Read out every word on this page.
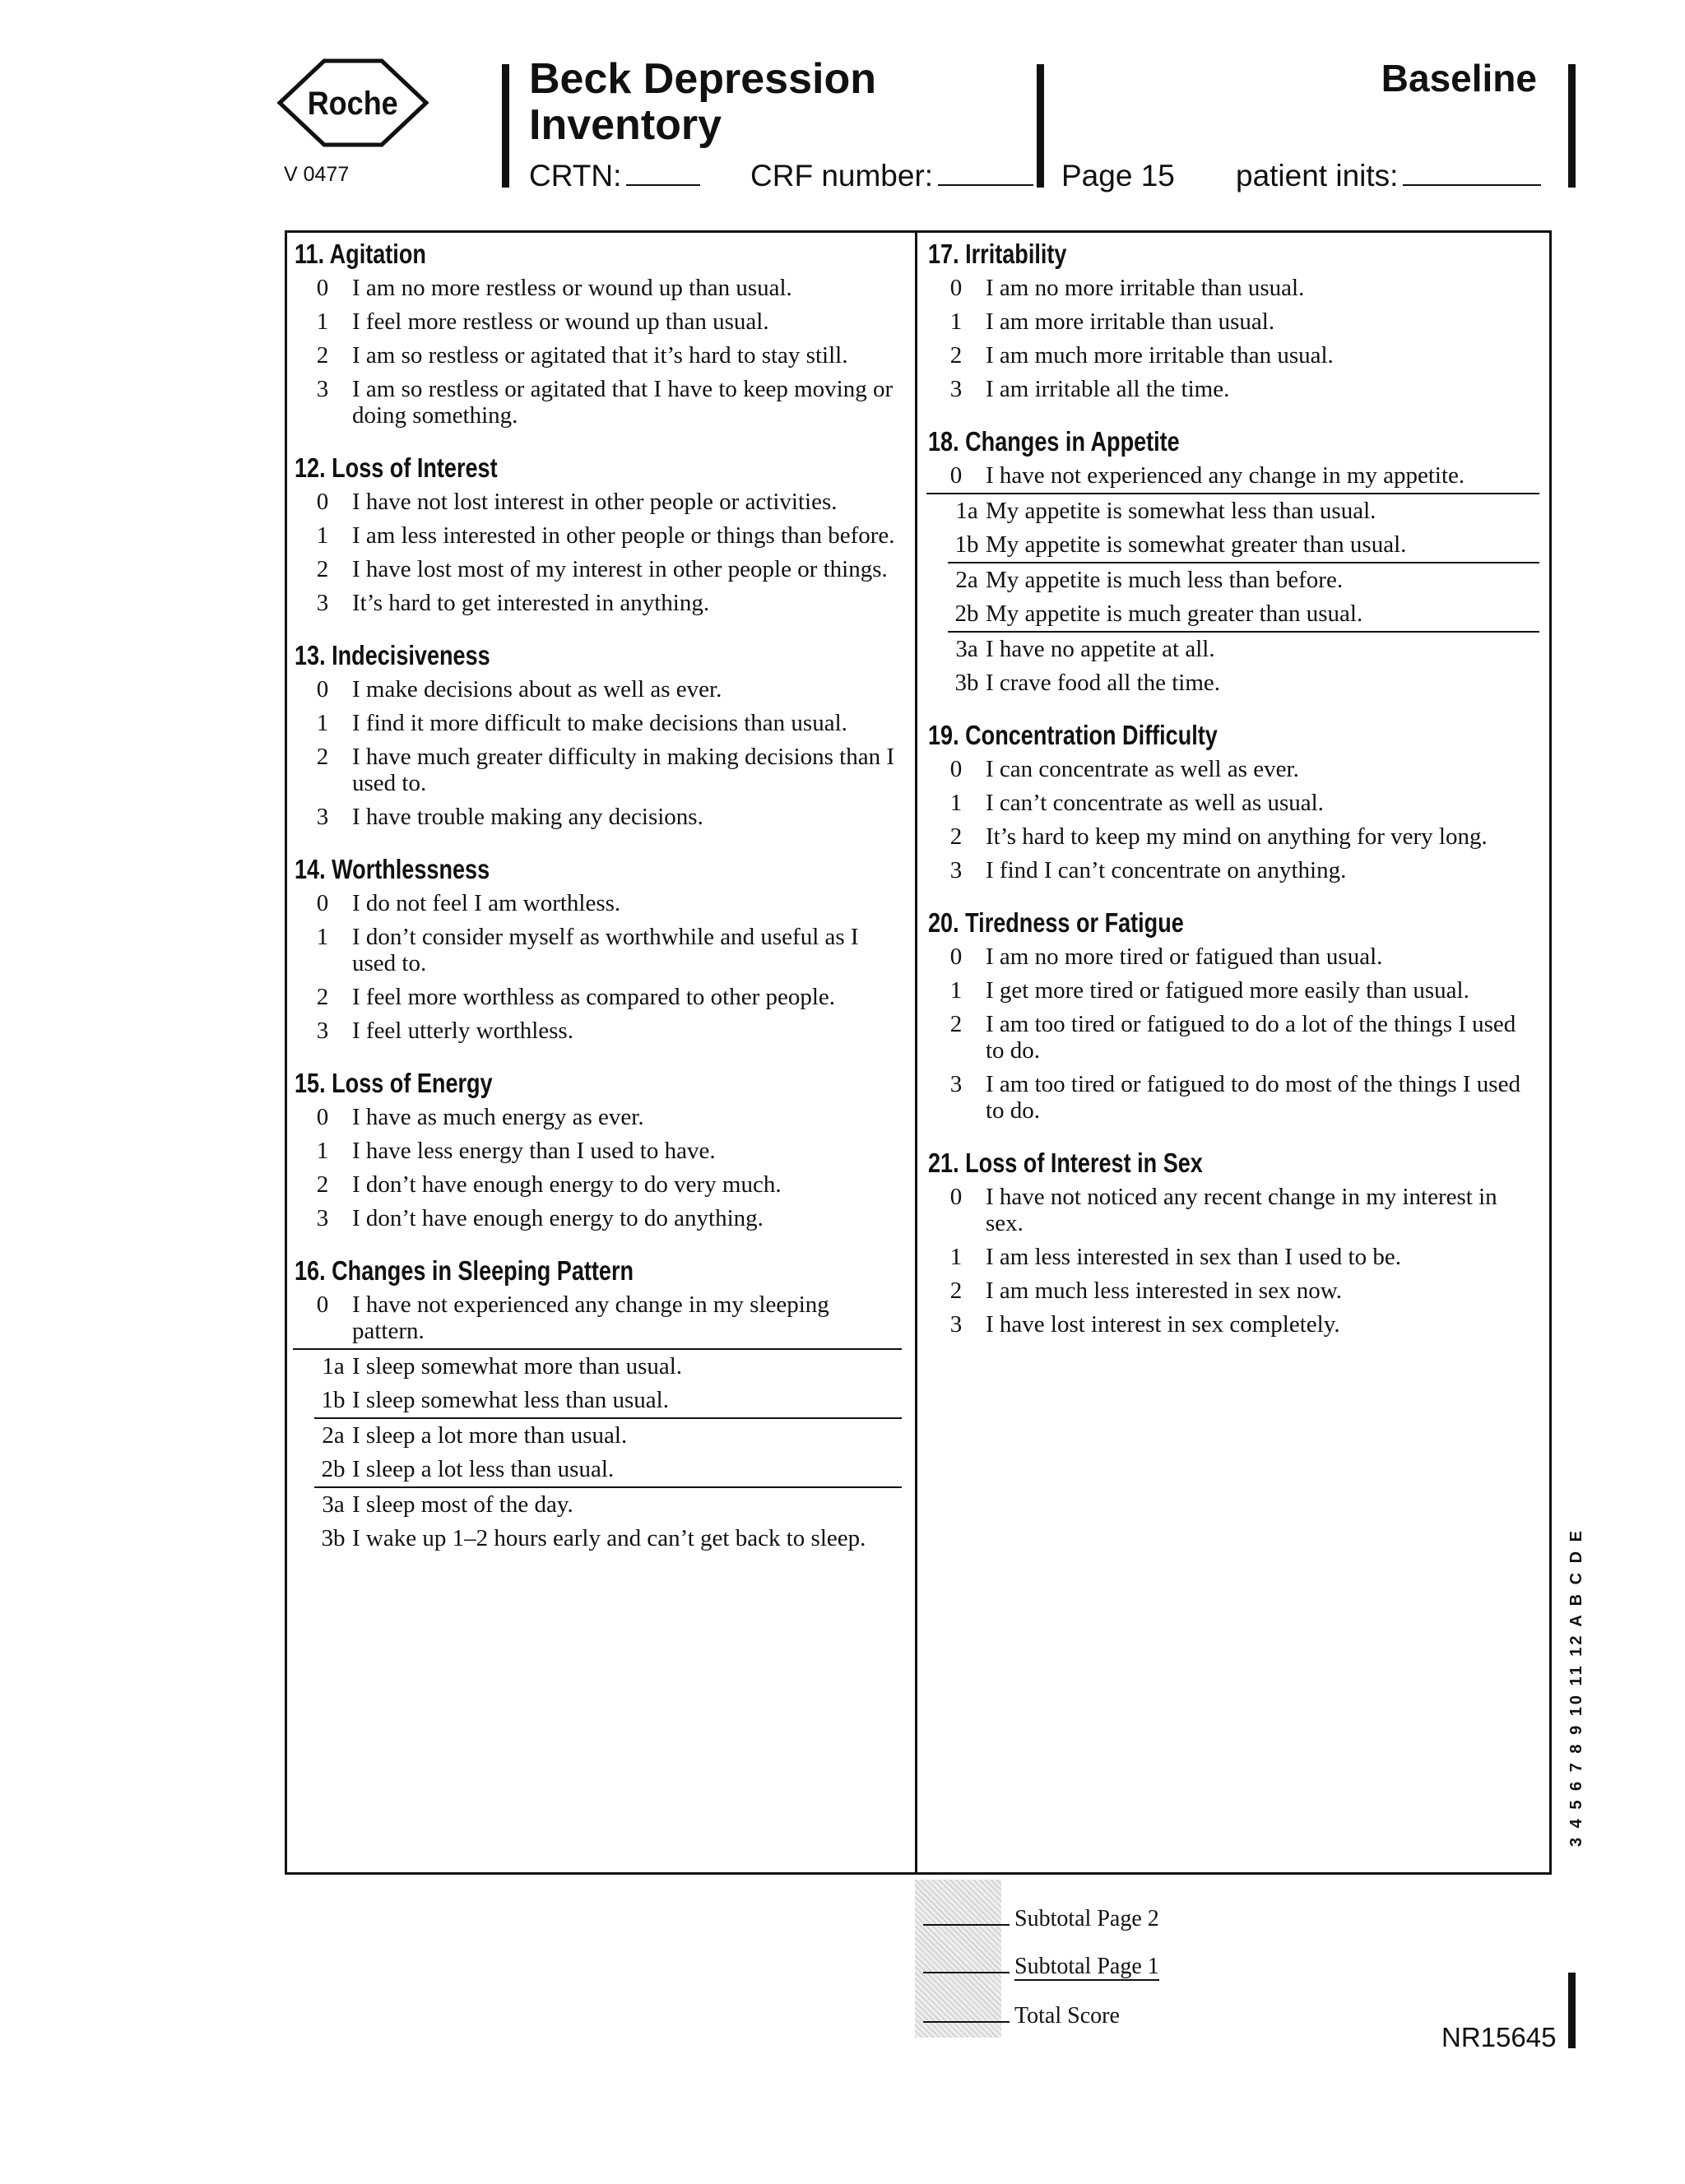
Roche
V 0477
Beck Depression
Inventory
CRTN:	CRF number:
Baseline
Page 15 patient inits:
11. Agitation
0 I am no more restless or wound up than usual.
1 I feel more restless or wound up than usual.
2 I am so restless or agitated that it’s hard to stay still.
3 I am so restless or agitated that I have to keep moving or doing something.
12. Loss of Interest
0 I have not lost interest in other people or activities.
1 I am less interested in other people or things than before.
2 I have lost most of my interest in other people or things.
3 It’s hard to get interested in anything.
13. Indecisiveness
0 I make decisions about as well as ever.
1 I find it more difficult to make decisions than usual.
2 I have much greater difficulty in making decisions than I used to.
3 I have trouble making any decisions.
14. Worthlessness
0 I do not feel I am worthless.
1 I don’t consider myself as worthwhile and useful as I used to.
2 I feel more worthless as compared to other people.
3 I feel utterly worthless.
15. Loss of Energy
0 I have as much energy as ever.
1 I have less energy than I used to have.
2 I don’t have enough energy to do very much.
3 I don’t have enough energy to do anything.
16. Changes in Sleeping Pattern
0 I have not experienced any change in my sleeping pattern.
1a I sleep somewhat more than usual.
1b I sleep somewhat less than usual.
2a I sleep a lot more than usual.
2b I sleep a lot less than usual.
3a I sleep most of the day.
3b I wake up 1–2 hours early and can’t get back to sleep.
17. Irritability
0 I am no more irritable than usual.
1 I am more irritable than usual.
2 I am much more irritable than usual.
3 I am irritable all the time.
18. Changes in Appetite
0 I have not experienced any change in my appetite.
1a My appetite is somewhat less than usual.
1b My appetite is somewhat greater than usual.
2a My appetite is much less than before.
2b My appetite is much greater than usual.
3a I have no appetite at all.
3b I crave food all the time.
19. Concentration Difficulty
0 I can concentrate as well as ever.
1 I can’t concentrate as well as usual.
2 It’s hard to keep my mind on anything for very long.
3 I find I can’t concentrate on anything.
20. Tiredness or Fatigue
0 I am no more tired or fatigued than usual.
1 I get more tired or fatigued more easily than usual.
2 I am too tired or fatigued to do a lot of the things I used to do.
3 I am too tired or fatigued to do most of the things I used to do.
21. Loss of Interest in Sex
0 I have not noticed any recent change in my interest in sex.
1 I am less interested in sex than I used to be.
2 I am much less interested in sex now.
3 I have lost interest in sex completely.
Subtotal Page 2
Subtotal Page 1
Total Score
3 4 5 6 7 8 9 10 11 12 A B C D E
NR15645
